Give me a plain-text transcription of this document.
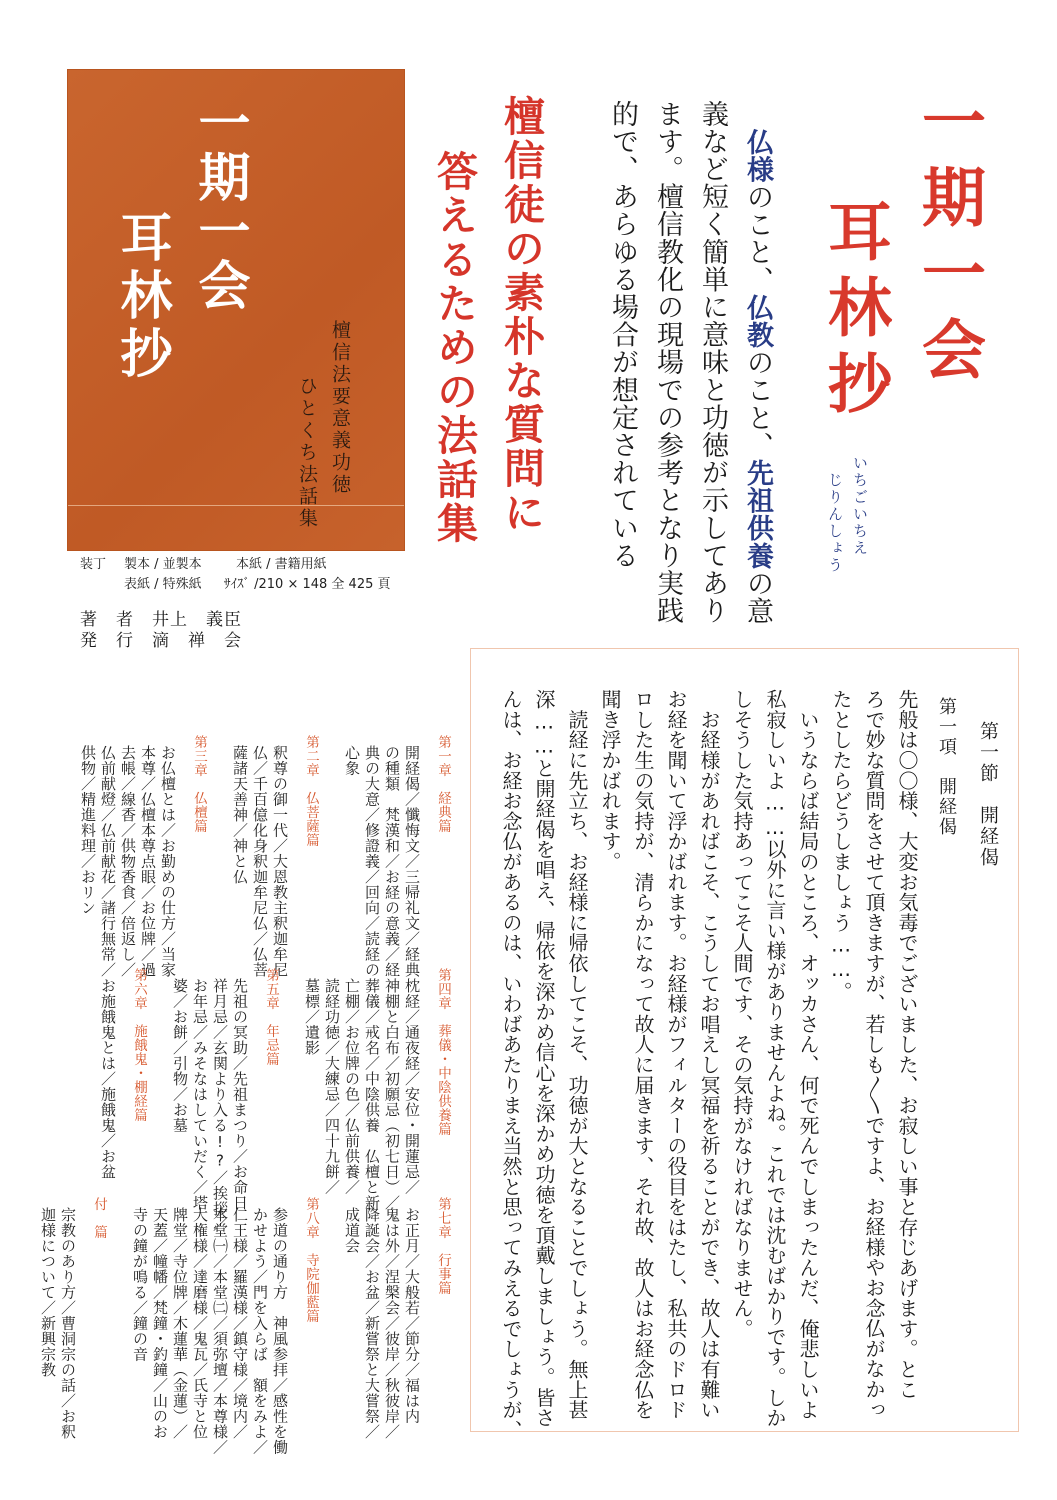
一期一会
耳林抄
檀信法要意義功徳
ひとくち法話集
装丁 製本 / 並製本	本紙 / 書籍用紙
表紙 / 特殊紙 ｻｲｽﾞ /210 × 148 全 425 頁
著　者 井上　義臣
発　行 滴　禅　会
檀信徒の素朴な質問に
答えるための法話集	仏様のこと、仏教のこと、先祖供養の意
義など短く簡単に意味と功徳が示してあり
ます。檀信教化の現場での参考となり実践
的で、あらゆる場合が想定されている	一期一会
耳林抄
いちごいちえ
じりんしょう
第一節　開経偈
第一項　開経偈
先般は〇〇様、大変お気毒でございました、お寂しい事と存じあげます。とこ
ろで妙な質問をさせて頂きますが、若しも〱ですよ、お経様やお念仏がなかっ
たとしたらどうしましょう……。
　いうならば結局のところ、オッカさん、何で死んでしまったんだ、俺悲しいよ
私寂しいよ……以外に言い様がありませんよね。これでは沈むばかりです。しか
しそうした気持あってこそ人間です、その気持がなければなりません。
　お経様があればこそ、こうしてお唱えし冥福を祈ることができ、故人は有難い
お経を聞いて浮かばれます。お経様がフィルターの役目をはたし、私共のドロド
ロした生の気持が、清らかになって故人に届きます、それ故、故人はお経念仏を
聞き浮かばれます。
　読経に先立ち、お経様に帰依してこそ、功徳が大となることでしょう。無上甚
深……と開経偈を唱え、帰依を深かめ信心を深かめ功徳を頂戴しましょう。皆さ
んは、お経お念仏があるのは、いわばあたりまえ当然と思ってみえるでしょうが、
第一章　経典篇
開経偈／懺悔文／三帰礼文／経典
の種類　梵漢和／お経の意義／経
典の大意／修證義／回向／読経の
心象
第二章　仏菩薩篇
釈尊の御一代／大恩教主釈迦牟尼
仏／千百億化身釈迦牟尼仏／仏菩
薩諸天善神／神と仏
第三章　仏檀篇
お仏檀とは／お勤めの仕方／当家
本尊／仏檀本尊点眼／お位牌／過
去帳／線香／供物香食／倍返し／
仏前献燈／仏前献花／諸行無常／
供物／精進料理／おリン
第四章　葬儀・中陰供養篇
枕経／通夜経／安位・開蓮忌／
神棚と白布／初願忌（初七日）／
葬儀／戒名／中陰供養　仏檀と新
亡棚／お位牌の色／仏前供養／
読経功徳／大練忌／四十九餅／
墓標／遺影
第五章　年忌篇
先祖の冥助／先祖まつり／お命日
祥月忌／玄関より入る!?／挨拶／
お年忌／みそなはしていだく／塔
婆／お餅／引物／お墓
第六章　施餓鬼・棚経篇
お施餓鬼とは／施餓鬼／お盆
第七章　行事篇
お正月／大般若／節分／福は内
鬼は外／涅槃会／彼岸／秋彼岸／
降誕会／お盆／新嘗祭と大嘗祭／
成道会
第八章　寺院伽藍篇
参道の通り方　神風参拝／感性を働
かせよう／門を入らば　額をみよ／
仁王様／羅漢様／鎮守様／境内／
本堂㈠／本堂㈡／須弥壇／本尊様／
大権様／達磨様／鬼瓦／氏寺と位
牌堂／寺位牌／木蓮華（金蓮）／
天蓋／幢幡／梵鐘・釣鐘／山のお
寺の鐘が鳴る／鐘の音
付　篇
宗教のあり方／曹洞宗の話／お釈
迦様について／新興宗教
